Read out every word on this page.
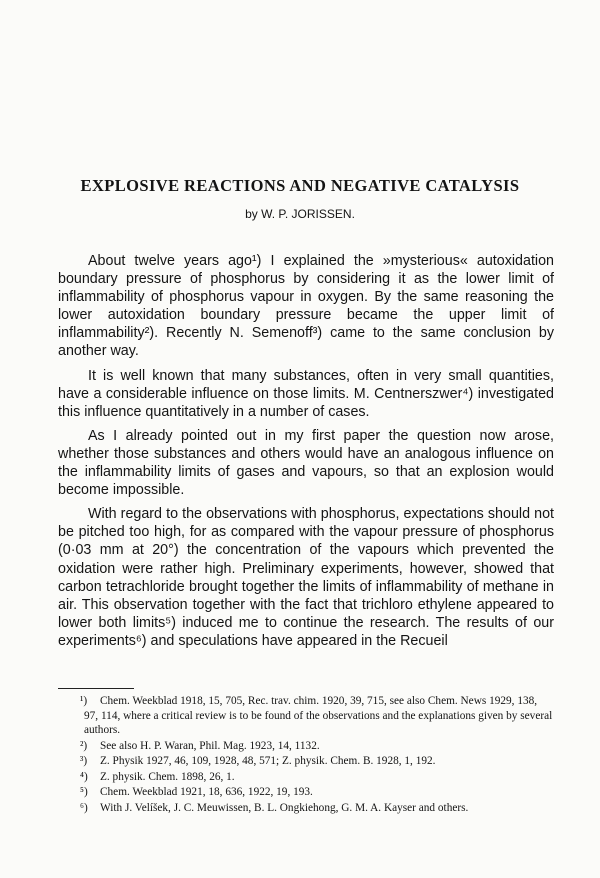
EXPLOSIVE REACTIONS AND NEGATIVE CATALYSIS

by W. P. JORISSEN.

About twelve years ago¹) I explained the »mysterious« autoxidation boundary pressure of phosphorus by considering it as the lower limit of inflammability of phosphorus vapour in oxygen. By the same reasoning the lower autoxidation boundary pressure became the upper limit of inflammability²). Recently N. Semenoff³) came to the same conclusion by another way.

It is well known that many substances, often in very small quantities, have a considerable influence on those limits. M. Centnerszwer⁴) investigated this influence quantitatively in a number of cases.

As I already pointed out in my first paper the question now arose, whether those substances and others would have an analogous influence on the inflammability limits of gases and vapours, so that an explosion would become impossible.

With regard to the observations with phosphorus, expectations should not be pitched too high, for as compared with the vapour pressure of phosphorus (0·03 mm at 20°) the concentration of the vapours which prevented the oxidation were rather high. Preliminary experiments, however, showed that carbon tetrachloride brought together the limits of inflammability of methane in air. This observation together with the fact that trichloro ethylene appeared to lower both limits⁵) induced me to continue the research. The results of our experiments⁶) and speculations have appeared in the Recueil

¹) Chem. Weekblad 1918, 15, 705, Rec. trav. chim. 1920, 39, 715, see also Chem. News 1929, 138, 97, 114, where a critical review is to be found of the observations and the explanations given by several authors.
²) See also H. P. Waran, Phil. Mag. 1923, 14, 1132.
³) Z. Physik 1927, 46, 109, 1928, 48, 571; Z. physik. Chem. B. 1928, 1, 192.
⁴) Z. physik. Chem. 1898, 26, 1.
⁵) Chem. Weekblad 1921, 18, 636, 1922, 19, 193.
⁶) With J. Velíšek, J. C. Meuwissen, B. L. Ongkiehong, G. M. A. Kayser and others.
